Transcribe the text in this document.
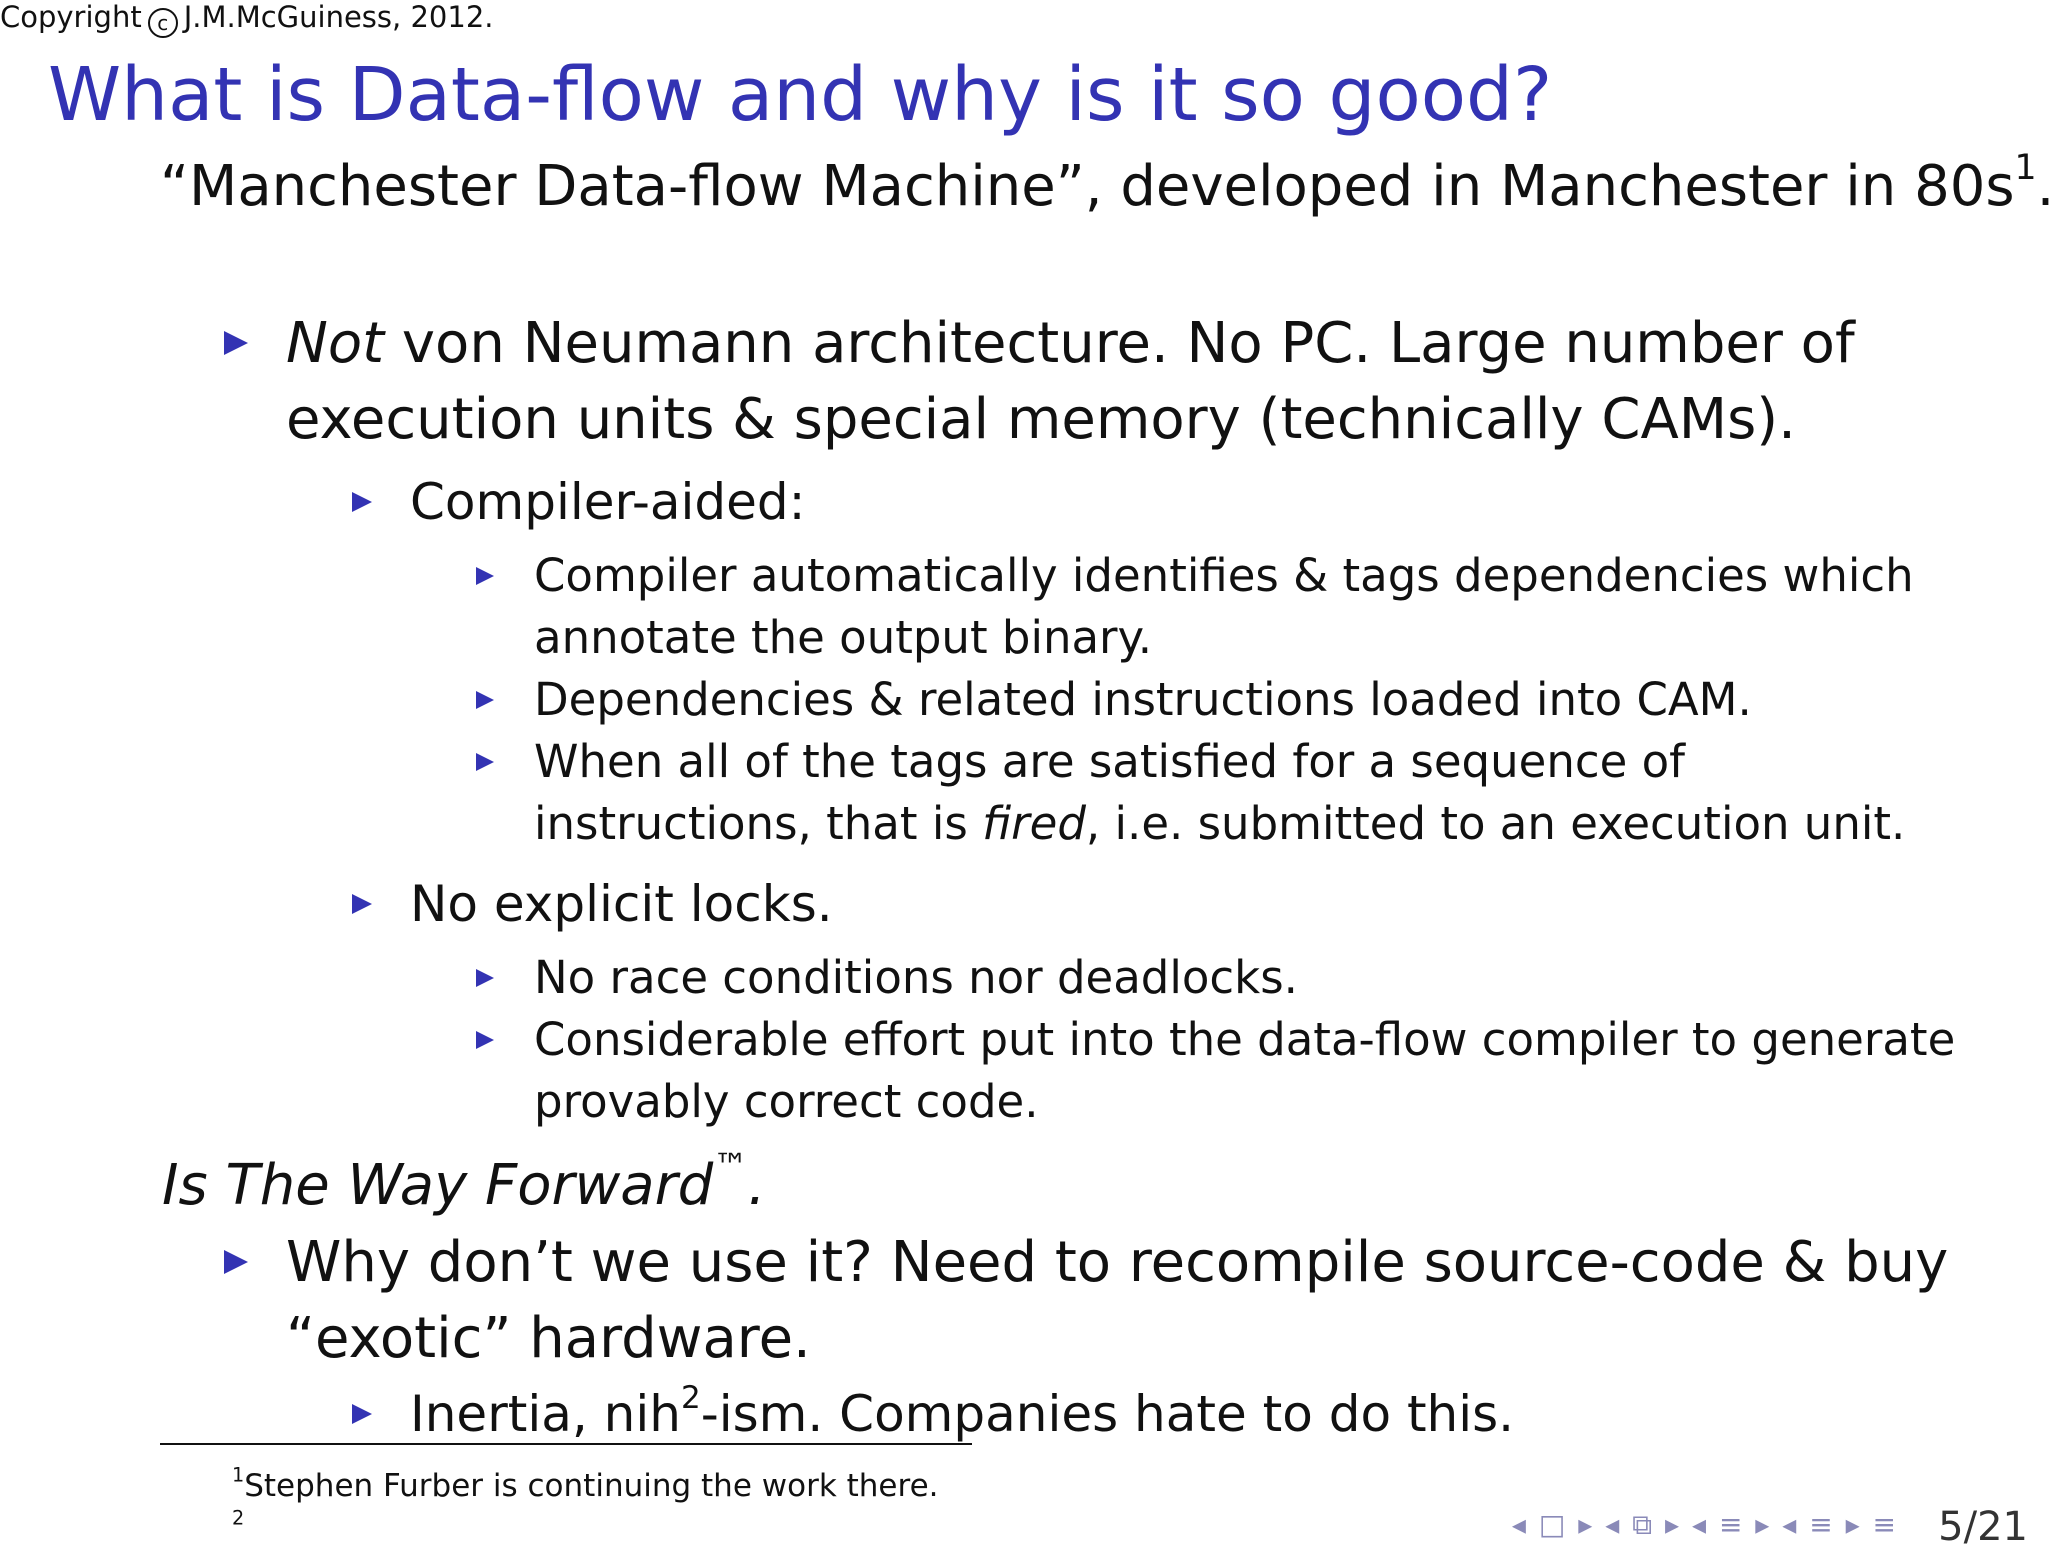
Copyright c J.M.McGuiness, 2012.
What is Data-flow and why is it so good?
“Manchester Data-flow Machine”, developed in Manchester in $80s^1$.
Not von Neumann architecture. No PC. Large number of
execution units & special memory (technically CAMs).
Compiler-aided:
Compiler automatically identifies & tags dependencies which
annotate the output binary.
Dependencies & related instructions loaded into CAM.
When all of the tags are satisfied for a sequence of
instructions, that is fired, i.e. submitted to an execution unit.
No explicit locks.
No race conditions nor deadlocks.
Considerable effort put into the data-flow compiler to generate
provably correct code.
Is The Way Forward™.
Why don’t we use it? Need to recompile source-code & buy
“exotic” hardware.
Inertia, nih$^2$-ism. Companies hate to do this.
$^1$Stephen Furber is continuing the work there.
$^2$	◂ □ ▸ ◂ ⧉ ▸ ◂ ≡ ▸ ◂ ≡ ▸ ≡ 5/21
